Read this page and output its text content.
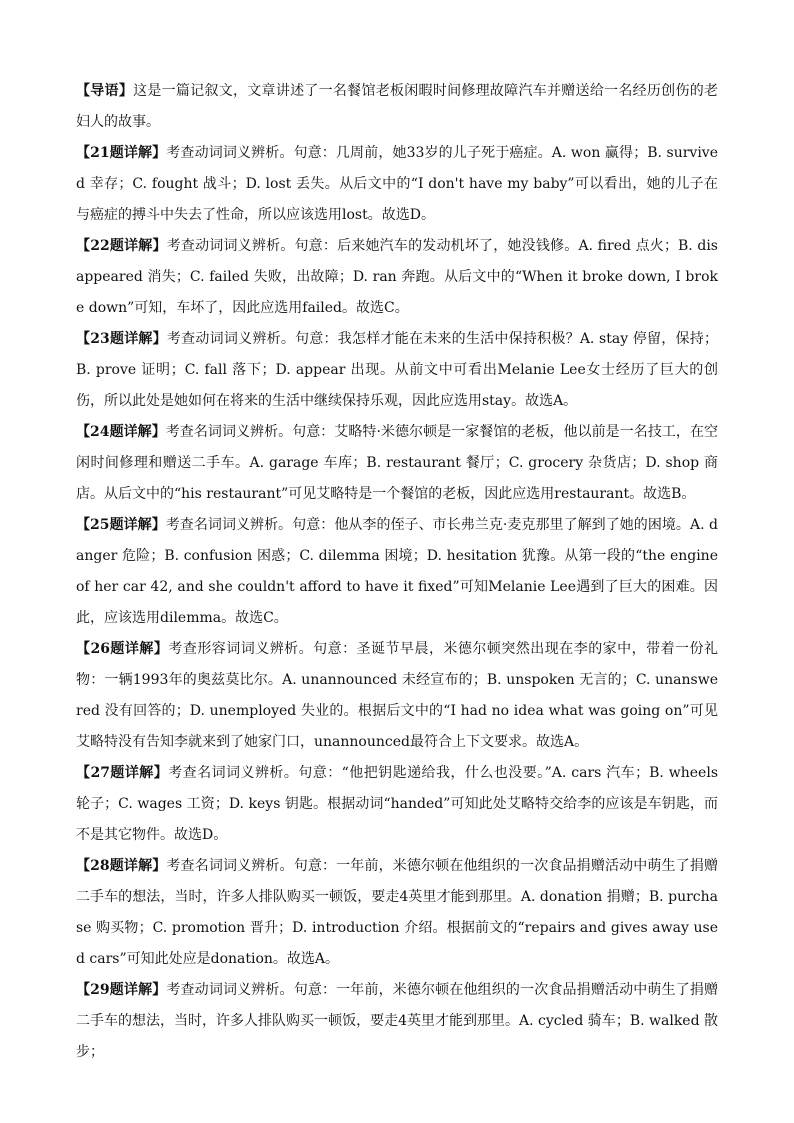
【导语】这是一篇记叙文，文章讲述了一名餐馆老板闲暇时间修理故障汽车并赠送给一名经历创伤的老妇人的故事。

【21题详解】考查动词词义辨析。句意：几周前，她33岁的儿子死于癌症。A. won 赢得；B. survived 幸存；C. fought 战斗；D. lost 丢失。从后文中的“I don't have my baby”可以看出，她的儿子在与癌症的搏斗中失去了性命，所以应该选用lost。故选D。

【22题详解】考查动词词义辨析。句意：后来她汽车的发动机坏了，她没钱修。A. fired 点火；B. disappeared 消失；C. failed 失败，出故障；D. ran 奔跑。从后文中的“When it broke down, I broke down”可知，车坏了，因此应选用failed。故选C。

【23题详解】考查动词词义辨析。句意：我怎样才能在未来的生活中保持积极？A. stay 停留，保持；B. prove 证明；C. fall 落下；D. appear 出现。从前文中可看出Melanie Lee女士经历了巨大的创伤，所以此处是她如何在将来的生活中继续保持乐观，因此应选用stay。故选A。

【24题详解】考查名词词义辨析。句意：艾略特·米德尔顿是一家餐馆的老板，他以前是一名技工，在空闲时间修理和赠送二手车。A. garage 车库；B. restaurant 餐厅；C. grocery 杂货店；D. shop 商店。从后文中的“his restaurant”可见艾略特是一个餐馆的老板，因此应选用restaurant。故选B。

【25题详解】考查名词词义辨析。句意：他从李的侄子、市长弗兰克·麦克那里了解到了她的困境。A. danger 危险；B. confusion 困惑；C. dilemma 困境；D. hesitation 犹豫。从第一段的“the engine of her car 42, and she couldn't afford to have it fixed”可知Melanie Lee遇到了巨大的困难。因此，应该选用dilemma。故选C。

【26题详解】考查形容词词义辨析。句意：圣诞节早晨，米德尔顿突然出现在李的家中，带着一份礼物：一辆1993年的奥兹莫比尔。A. unannounced 未经宣布的；B. unspoken 无言的；C. unanswered 没有回答的；D. unemployed 失业的。根据后文中的“I had no idea what was going on”可见艾略特没有告知李就来到了她家门口，unannounced最符合上下文要求。故选A。

【27题详解】考查名词词义辨析。句意：“他把钥匙递给我，什么也没要。”A. cars 汽车；B. wheels 轮子；C. wages 工资；D. keys 钥匙。根据动词“handed”可知此处艾略特交给李的应该是车钥匙，而不是其它物件。故选D。

【28题详解】考查名词词义辨析。句意：一年前，米德尔顿在他组织的一次食品捐赠活动中萌生了捐赠二手车的想法，当时，许多人排队购买一顿饭，要走4英里才能到那里。A. donation 捐赠；B. purchase 购买物；C. promotion 晋升；D. introduction 介绍。根据前文的“repairs and gives away used cars”可知此处应是donation。故选A。

【29题详解】考查动词词义辨析。句意：一年前，米德尔顿在他组织的一次食品捐赠活动中萌生了捐赠二手车的想法，当时，许多人排队购买一顿饭，要走4英里才能到那里。A. cycled 骑车；B. walked 散步；
